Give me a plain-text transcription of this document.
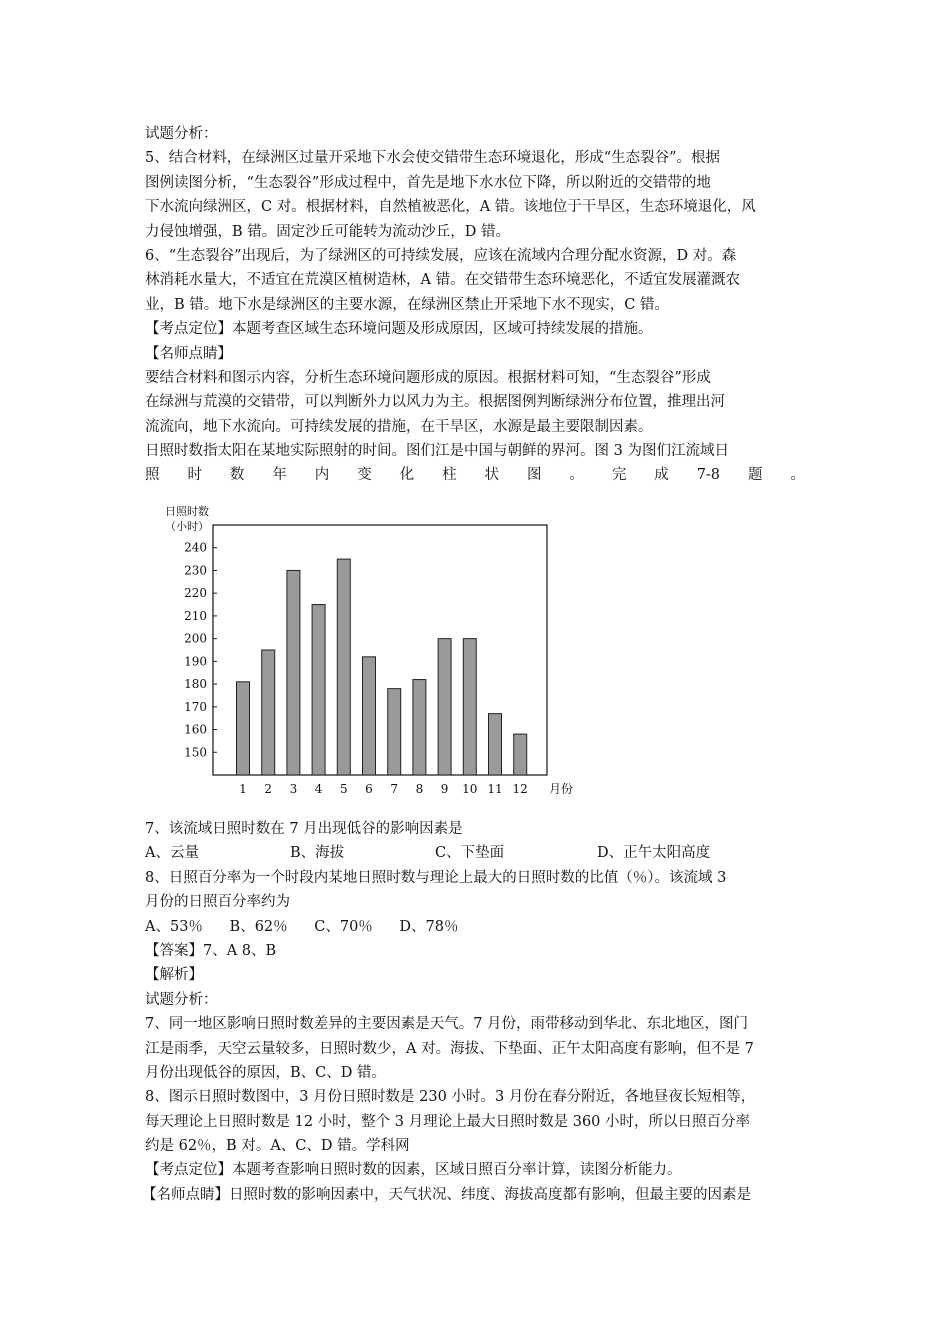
试题分析：
5、结合材料，在绿洲区过量开采地下水会使交错带生态环境退化，形成“生态裂谷”。根据
图例读图分析，“生态裂谷”形成过程中，首先是地下水水位下降，所以附近的交错带的地
下水流向绿洲区，C 对。根据材料，自然植被恶化，A 错。该地位于干旱区，生态环境退化，风
力侵蚀增强，B 错。固定沙丘可能转为流动沙丘，D 错。
6、“生态裂谷”出现后，为了绿洲区的可持续发展，应该在流域内合理分配水资源，D 对。森
林消耗水量大，不适宜在荒漠区植树造林，A 错。在交错带生态环境恶化，不适宜发展灌溉农
业，B 错。地下水是绿洲区的主要水源，在绿洲区禁止开采地下水不现实，C 错。
【考点定位】本题考查区域生态环境问题及形成原因，区域可持续发展的措施。
【名师点睛】
要结合材料和图示内容，分析生态环境问题形成的原因。根据材料可知，“生态裂谷”形成
在绿洲与荒漠的交错带，可以判断外力以风力为主。根据图例判断绿洲分布位置，推理出河
流流向，地下水流向。可持续发展的措施，在干旱区，水源是最主要限制因素。
日照时数指太阳在某地实际照射的时间。图们江是中国与朝鲜的界河。图 3 为图们江流域日
照 时 数 年 内 变 化 柱 状 图 。 完 成 7-8 题 。
日照时数
（小时）
150
160
170
180
190
200
210
220
230
240
1 2 3 4 5 6 7 8 9 10 11 12 月份
7、该流域日照时数在 7 月出现低谷的影响因素是
A、云量	B、海拔	C、下垫面	D、正午太阳高度
8、日照百分率为一个时段内某地日照时数与理论上最大的日照时数的比值（％）。该流域 3
月份的日照百分率约为
A、53％ B、62％ C、70％ D、78％
【答案】7、A 8、B
【解析】
试题分析：
7、同一地区影响日照时数差异的主要因素是天气。7 月份，雨带移动到华北、东北地区，图门
江是雨季，天空云量较多，日照时数少，A 对。海拔、下垫面、正午太阳高度有影响，但不是 7
月份出现低谷的原因，B、C、D 错。
8、图示日照时数图中，3 月份日照时数是 230 小时。3 月份在春分附近，各地昼夜长短相等，
每天理论上日照时数是 12 小时，整个 3 月理论上最大日照时数是 360 小时，所以日照百分率
约是 62％，B 对。A、C、D 错。学科网
【考点定位】本题考查影响日照时数的因素，区域日照百分率计算，读图分析能力。
【名师点睛】日照时数的影响因素中，天气状况、纬度、海拔高度都有影响，但最主要的因素是
